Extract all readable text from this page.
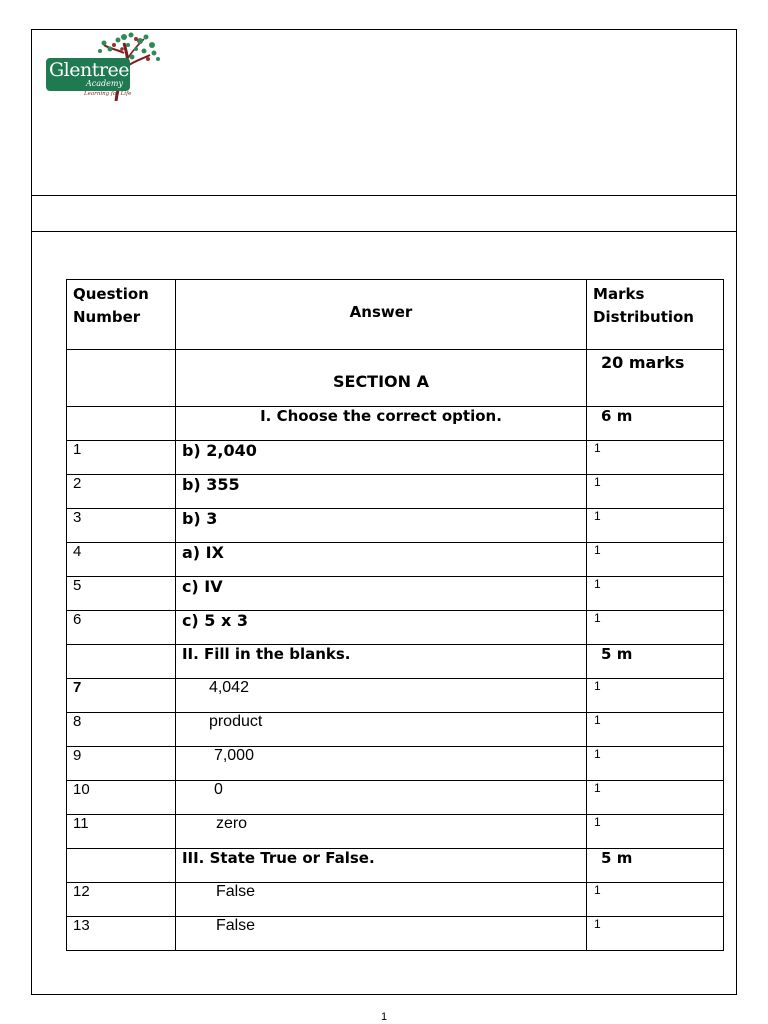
Glentree
Academy
Learning for Life
Question Number	Answer	Marks Distribution
	SECTION A	20 marks
	I. Choose the correct option.	6 m
1	b) 2,040	1
2	b) 355	1
3	b) 3	1
4	a) IX	1
5	c) IV	1
6	c) 5 x 3	1
	II. Fill in the blanks.	5 m
7	4,042	1
8	product	1
9	7,000	1
10	0	1
11	zero	1
	III. State True or False.	5 m
12	False	1
13	False	1
1
